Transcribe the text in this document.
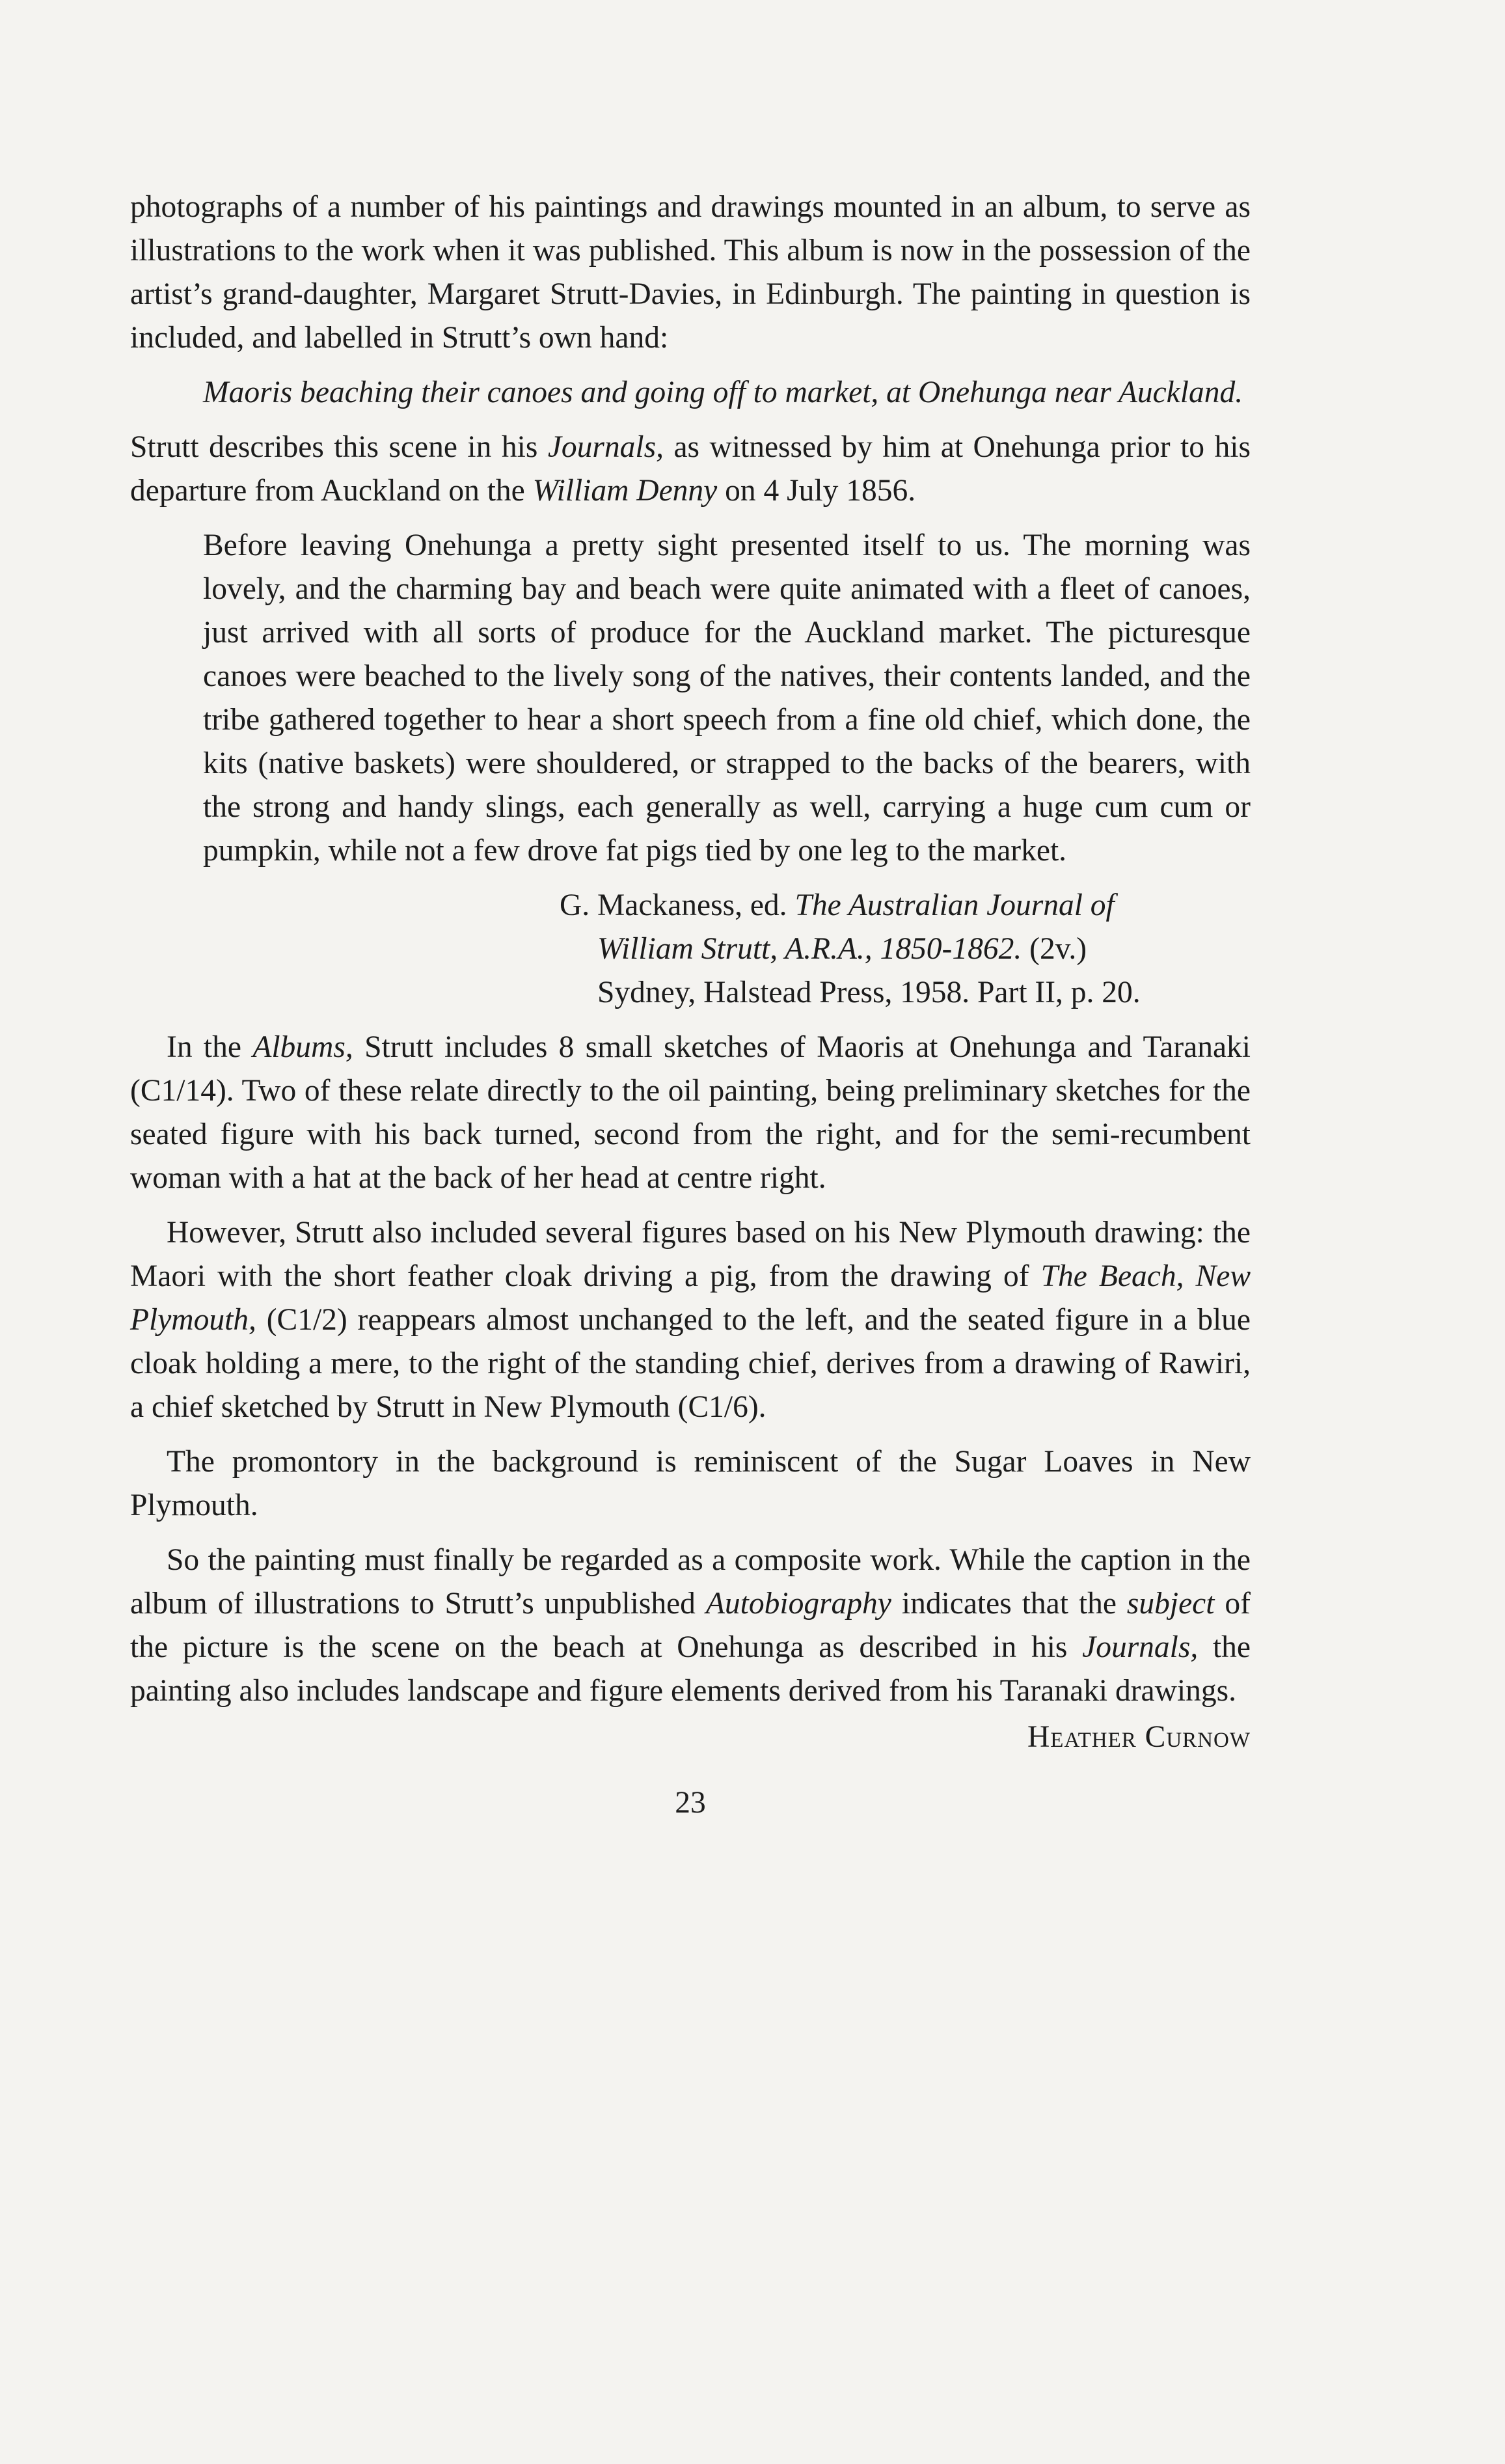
photographs of a number of his paintings and drawings mounted in an album, to serve as illustrations to the work when it was published. This album is now in the possession of the artist’s grand-daughter, Margaret Strutt-Davies, in Edinburgh. The painting in question is included, and labelled in Strutt’s own hand:

Maoris beaching their canoes and going off to market, at Onehunga near Auckland.

Strutt describes this scene in his Journals, as witnessed by him at Onehunga prior to his departure from Auckland on the William Denny on 4 July 1856.

Before leaving Onehunga a pretty sight presented itself to us. The morning was lovely, and the charming bay and beach were quite animated with a fleet of canoes, just arrived with all sorts of produce for the Auckland market. The picturesque canoes were beached to the lively song of the natives, their contents landed, and the tribe gathered together to hear a short speech from a fine old chief, which done, the kits (native baskets) were shouldered, or strapped to the backs of the bearers, with the strong and handy slings, each generally as well, carrying a huge cum cum or pumpkin, while not a few drove fat pigs tied by one leg to the market.

G. Mackaness, ed. The Australian Journal of
William Strutt, A.R.A., 1850-1862. (2v.)
Sydney, Halstead Press, 1958. Part II, p. 20.

In the Albums, Strutt includes 8 small sketches of Maoris at Onehunga and Taranaki (C1/14). Two of these relate directly to the oil painting, being preliminary sketches for the seated figure with his back turned, second from the right, and for the semi-recumbent woman with a hat at the back of her head at centre right.

However, Strutt also included several figures based on his New Plymouth drawing: the Maori with the short feather cloak driving a pig, from the drawing of The Beach, New Plymouth, (C1/2) reappears almost unchanged to the left, and the seated figure in a blue cloak holding a mere, to the right of the standing chief, derives from a drawing of Rawiri, a chief sketched by Strutt in New Plymouth (C1/6).

The promontory in the background is reminiscent of the Sugar Loaves in New Plymouth.

So the painting must finally be regarded as a composite work. While the caption in the album of illustrations to Strutt’s unpublished Autobiography indicates that the subject of the picture is the scene on the beach at Onehunga as described in his Journals, the painting also includes landscape and figure elements derived from his Taranaki drawings.

Heather Curnow

23
